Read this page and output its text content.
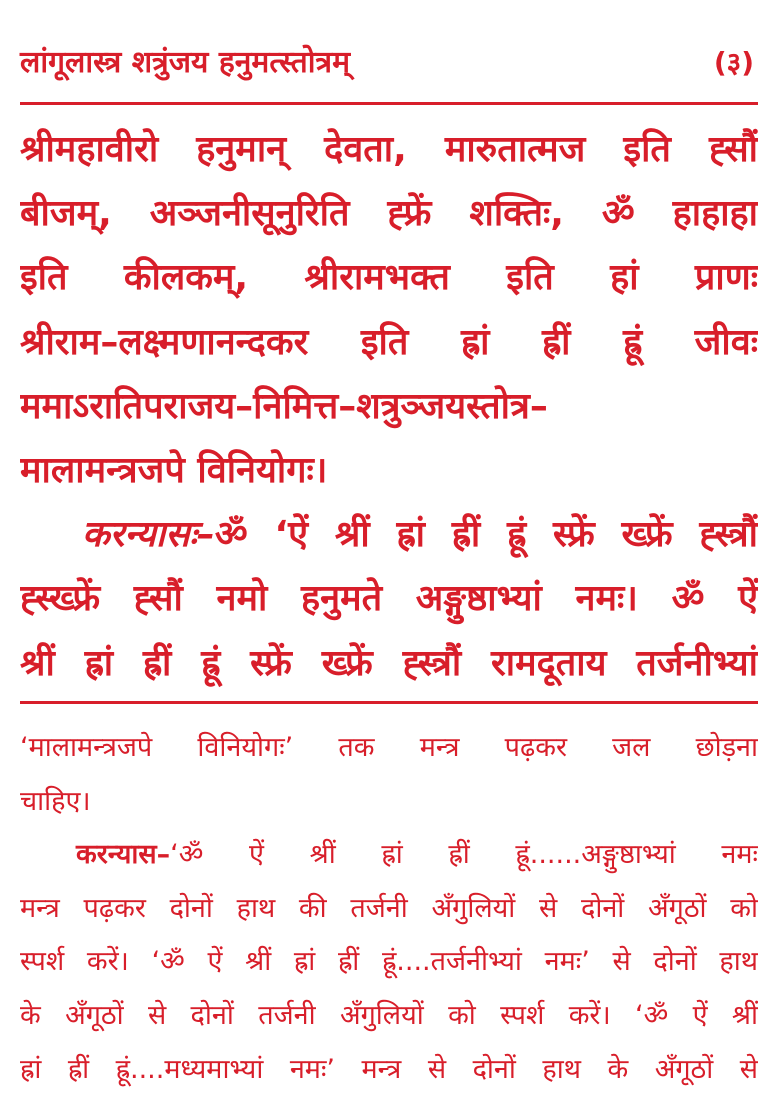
लांगूलास्त्र शत्रुंजय हनुमत्स्तोत्रम्	(३)
श्रीमहावीरो हनुमान् देवता, मारुतात्मज इति ह्सौं
बीजम्, अञ्जनीसूनुरिति ह्फ्रें शक्तिः, ॐ हाहाहा
इति कीलकम्, श्रीरामभक्त इति हां प्राणः
श्रीराम–लक्ष्मणानन्दकर इति ह्रां ह्रीं ह्रूं जीवः
ममाऽरातिपराजय–निमित्त–शत्रुञ्जयस्तोत्र–
मालामन्त्रजपे विनियोगः।
करन्यासः–ॐ ‘ऐं श्रीं ह्रां ह्रीं ह्रूं स्फ्रें ख्फ्रें ह्स्त्रौं
ह्स्ख्फ्रें ह्सौं नमो हनुमते अङ्गुष्ठाभ्यां नमः। ॐ ऐं
श्रीं ह्रां ह्रीं ह्रूं स्फ्रें ख्फ्रें ह्स्त्रौं रामदूताय तर्जनीभ्यां
‘मालामन्त्रजपे विनियोगः’ तक मन्त्र पढ़कर जल छोड़ना
चाहिए।
करन्यास–‘ॐ ऐं श्रीं ह्रां ह्रीं ह्रूं......अङ्गुष्ठाभ्यां नमः
मन्त्र पढ़कर दोनों हाथ की तर्जनी अँगुलियों से दोनों अँगूठों को
स्पर्श करें। ‘ॐ ऐं श्रीं ह्रां ह्रीं ह्रूं....तर्जनीभ्यां नमः’ से दोनों हाथ
के अँगूठों से दोनों तर्जनी अँगुलियों को स्पर्श करें। ‘ॐ ऐं श्रीं
ह्रां ह्रीं ह्रूं....मध्यमाभ्यां नमः’ मन्त्र से दोनों हाथ के अँगूठों से
